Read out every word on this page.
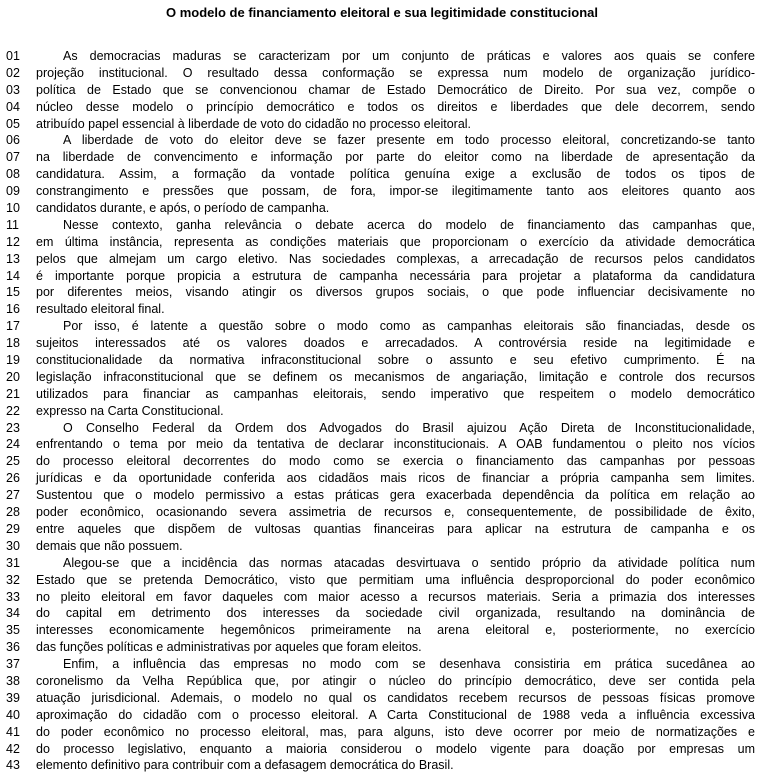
O modelo de financiamento eleitoral e sua legitimidade constitucional
01	As democracias maduras se caracterizam por um conjunto de práticas e valores aos quais se confere
02	projeção institucional. O resultado dessa conformação se expressa num modelo de organização jurídico-
03	política de Estado que se convencionou chamar de Estado Democrático de Direito. Por sua vez, compõe o
04	núcleo desse modelo o princípio democrático e todos os direitos e liberdades que dele decorrem, sendo
05	atribuído papel essencial à liberdade de voto do cidadão no processo eleitoral.
06	A liberdade de voto do eleitor deve se fazer presente em todo processo eleitoral, concretizando-se tanto
07	na liberdade de convencimento e informação por parte do eleitor como na liberdade de apresentação da
08	candidatura. Assim, a formação da vontade política genuína exige a exclusão de todos os tipos de
09	constrangimento e pressões que possam, de fora, impor-se ilegitimamente tanto aos eleitores quanto aos
10	candidatos durante, e após, o período de campanha.
11	Nesse contexto, ganha relevância o debate acerca do modelo de financiamento das campanhas que,
12	em última instância, representa as condições materiais que proporcionam o exercício da atividade democrática
13	pelos que almejam um cargo eletivo. Nas sociedades complexas, a arrecadação de recursos pelos candidatos
14	é importante porque propicia a estrutura de campanha necessária para projetar a plataforma da candidatura
15	por diferentes meios, visando atingir os diversos grupos sociais, o que pode influenciar decisivamente no
16	resultado eleitoral final.
17	Por isso, é latente a questão sobre o modo como as campanhas eleitorais são financiadas, desde os
18	sujeitos interessados até os valores doados e arrecadados. A controvérsia reside na legitimidade e
19	constitucionalidade da normativa infraconstitucional sobre o assunto e seu efetivo cumprimento. É na
20	legislação infraconstitucional que se definem os mecanismos de angariação, limitação e controle dos recursos
21	utilizados para financiar as campanhas eleitorais, sendo imperativo que respeitem o modelo democrático
22	expresso na Carta Constitucional.
23	O Conselho Federal da Ordem dos Advogados do Brasil ajuizou Ação Direta de Inconstitucionalidade,
24	enfrentando o tema por meio da tentativa de declarar inconstitucionais. A OAB fundamentou o pleito nos vícios
25	do processo eleitoral decorrentes do modo como se exercia o financiamento das campanhas por pessoas
26	jurídicas e da oportunidade conferida aos cidadãos mais ricos de financiar a própria campanha sem limites.
27	Sustentou que o modelo permissivo a estas práticas gera exacerbada dependência da política em relação ao
28	poder econômico, ocasionando severa assimetria de recursos e, consequentemente, de possibilidade de êxito,
29	entre aqueles que dispõem de vultosas quantias financeiras para aplicar na estrutura de campanha e os
30	demais que não possuem.
31	Alegou-se que a incidência das normas atacadas desvirtuava o sentido próprio da atividade política num
32	Estado que se pretenda Democrático, visto que permitiam uma influência desproporcional do poder econômico
33	no pleito eleitoral em favor daqueles com maior acesso a recursos materiais. Seria a primazia dos interesses
34	do capital em detrimento dos interesses da sociedade civil organizada, resultando na dominância de
35	interesses economicamente hegemônicos primeiramente na arena eleitoral e, posteriormente, no exercício
36	das funções políticas e administrativas por aqueles que foram eleitos.
37	Enfim, a influência das empresas no modo com se desenhava consistiria em prática sucedânea ao
38	coronelismo da Velha República que, por atingir o núcleo do princípio democrático, deve ser contida pela
39	atuação jurisdicional. Ademais, o modelo no qual os candidatos recebem recursos de pessoas físicas promove
40	aproximação do cidadão com o processo eleitoral. A Carta Constitucional de 1988 veda a influência excessiva
41	do poder econômico no processo eleitoral, mas, para alguns, isto deve ocorrer por meio de normatizações e
42	do processo legislativo, enquanto a maioria considerou o modelo vigente para doação por empresas um
43	elemento definitivo para contribuir com a defasagem democrática do Brasil.
